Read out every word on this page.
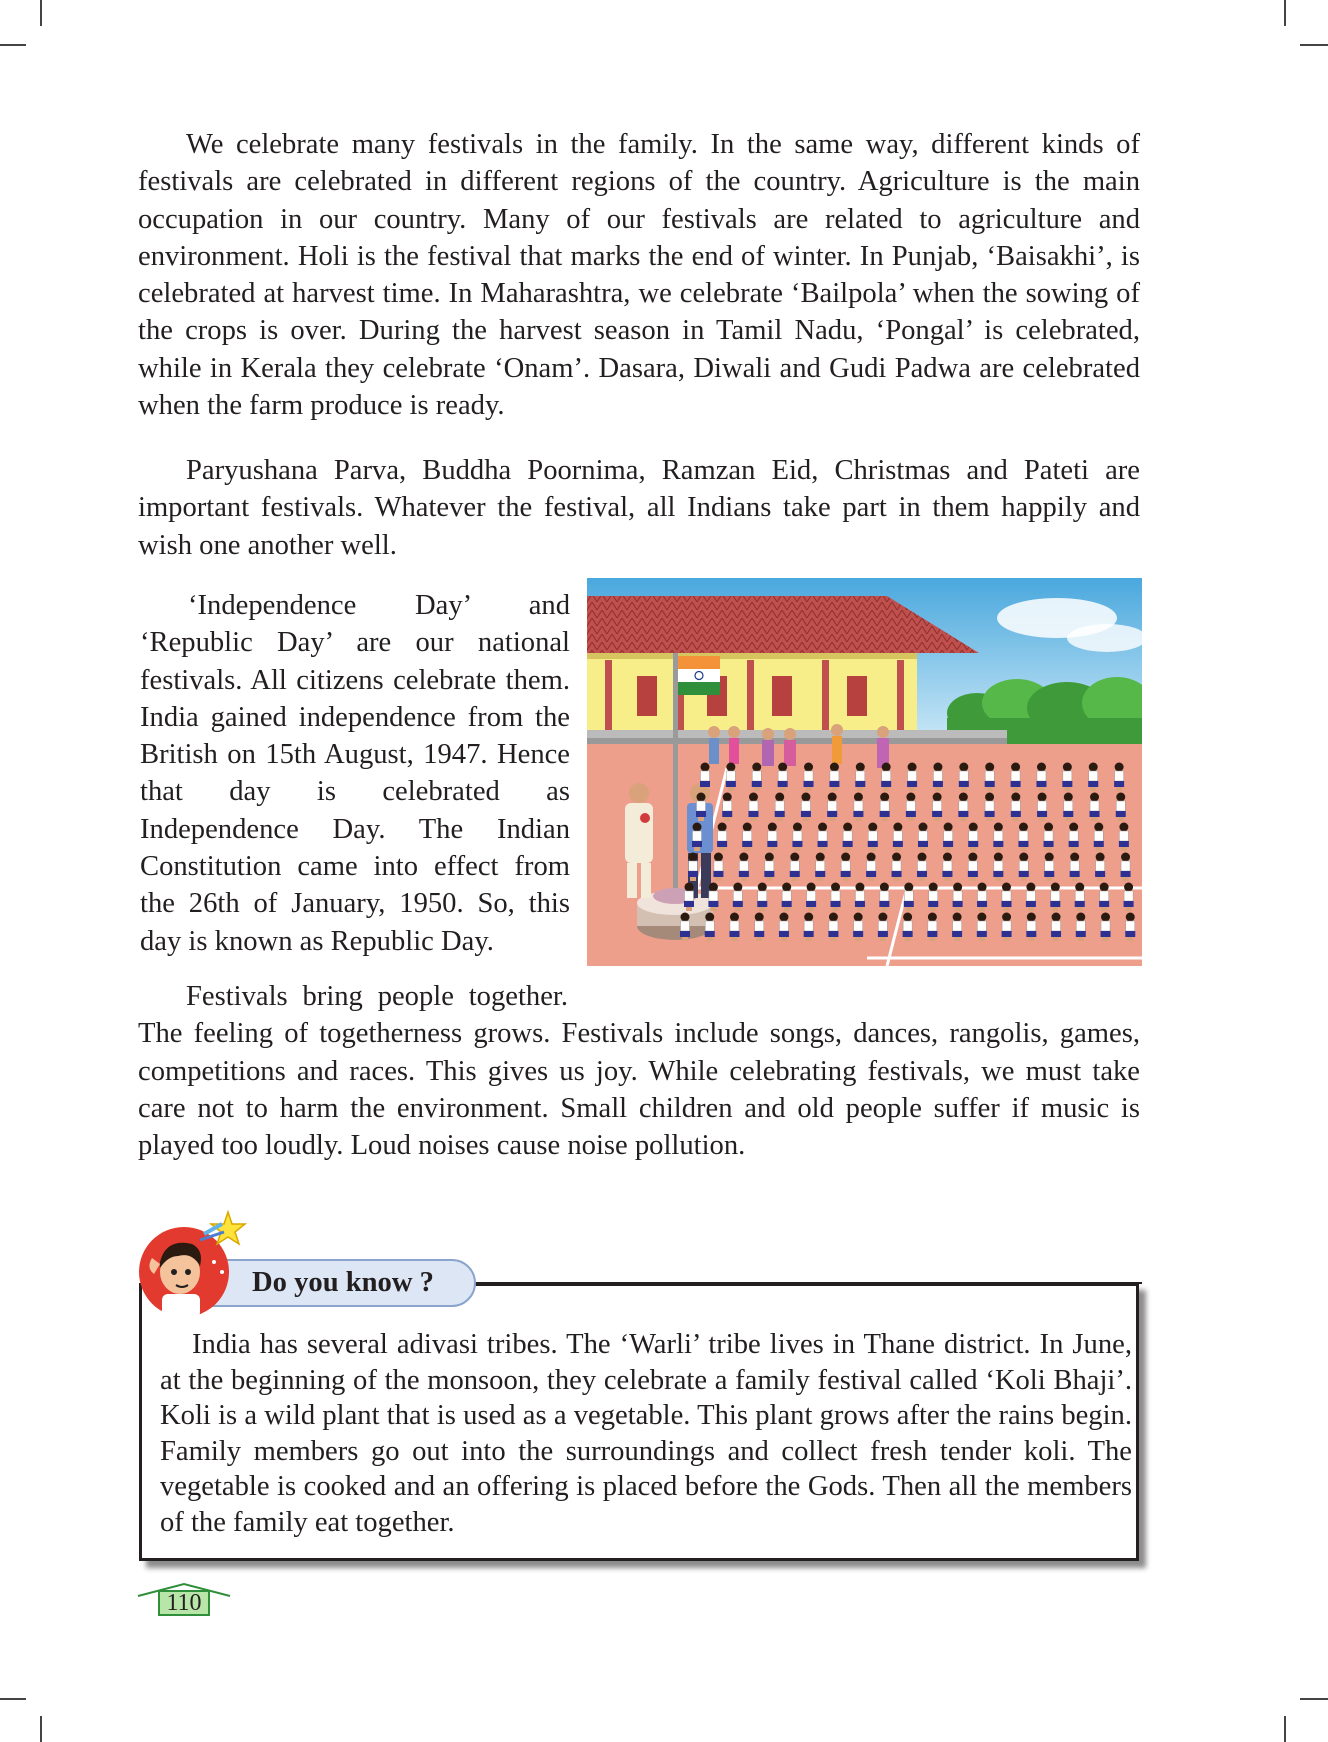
We celebrate many festivals in the family. In the same way, different kinds of festivals are celebrated in different regions of the country. Agriculture is the main occupation in our country. Many of our festivals are related to agriculture and environment. Holi is the festival that marks the end of winter. In Punjab, ‘Baisakhi’, is celebrated at harvest time. In Maharashtra, we celebrate ‘Bailpola’ when the sowing of the crops is over. During the harvest season in Tamil Nadu, ‘Pongal’ is celebrated, while in Kerala they celebrate ‘Onam’. Dasara, Diwali and Gudi Padwa are celebrated when the farm produce is ready.

Paryushana Parva, Buddha Poornima, Ramzan Eid, Christmas and Pateti are important festivals. Whatever the festival, all Indians take part in them happily and wish one another well.

‘Independence Day’ and ‘Republic Day’ are our national festivals. All citizens celebrate them. India gained independence from the British on 15th August, 1947. Hence that day is celebrated as Independence Day. The Indian Constitution came into effect from the 26th of January, 1950. So, this day is known as Republic Day.

Festivals bring people together.
The feeling of togetherness grows. Festivals include songs, dances, rangolis, games, competitions and races. This gives us joy. While celebrating festivals, we must take care not to harm the environment. Small children and old people suffer if music is played too loudly. Loud noises cause noise pollution.

Do you know ?

India has several adivasi tribes. The ‘Warli’ tribe lives in Thane district. In June, at the beginning of the monsoon, they celebrate a family festival called ‘Koli Bhaji’. Koli is a wild plant that is used as a vegetable. This plant grows after the rains begin. Family members go out into the surroundings and collect fresh tender koli. The vegetable is cooked and an offering is placed before the Gods. Then all the members of the family eat together.

110
